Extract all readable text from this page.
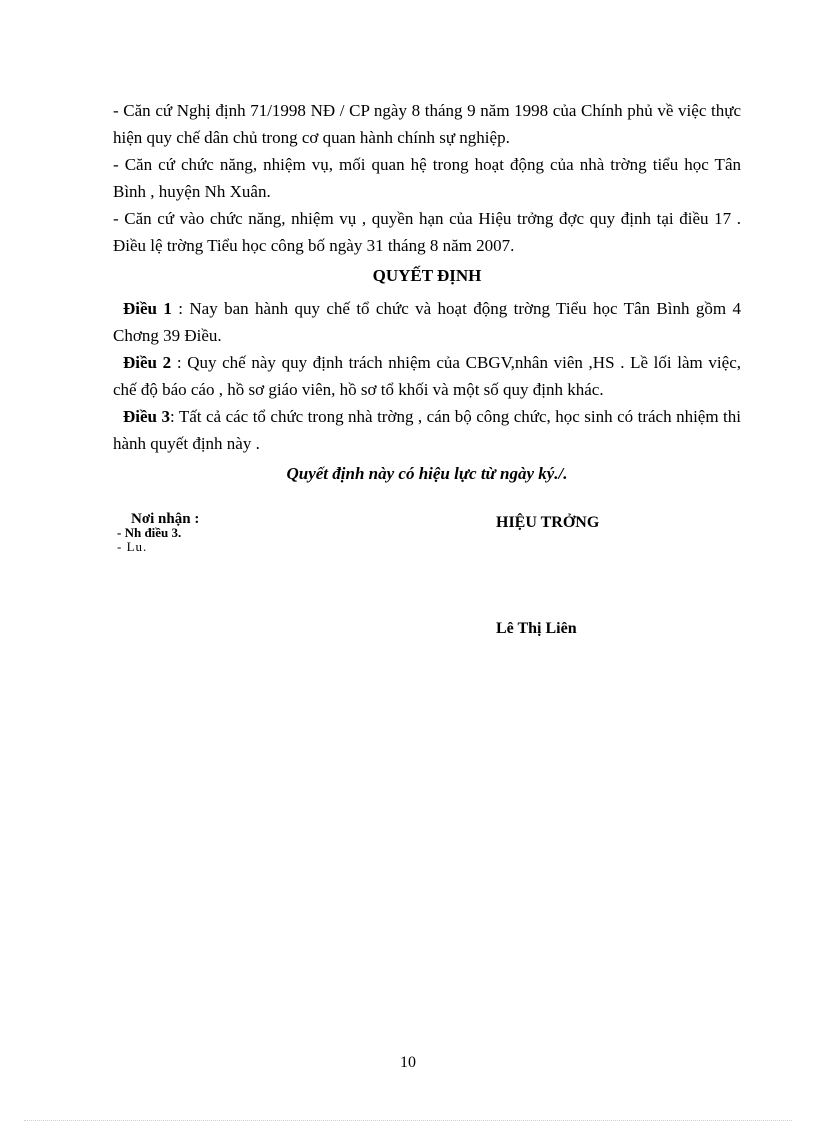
- Căn cứ Nghị định 71/1998 NĐ / CP ngày 8 tháng 9 năm 1998 của Chính phủ về việc thực hiện quy chế dân chủ trong cơ quan hành chính sự nghiệp.

- Căn cứ chức năng, nhiệm vụ, mối quan hệ trong hoạt động của nhà trờng tiểu học Tân Bình , huyện Nh Xuân.

- Căn cứ vào chức năng, nhiệm vụ , quyền hạn của Hiệu trởng đợc quy định tại điều 17 . Điều lệ trờng Tiểu học công bố ngày 31 tháng 8 năm 2007.

QUYẾT ĐỊNH

Điều 1 : Nay ban hành quy chế tổ chức và hoạt động trờng Tiểu học Tân Bình gồm 4 Chơng 39 Điều.

Điều 2 : Quy chế này quy định trách nhiệm của CBGV,nhân viên ,HS . Lề lối làm việc, chế độ báo cáo , hồ sơ giáo viên, hồ sơ tổ khối và một số quy định khác.

Điều 3: Tất cả các tổ chức trong nhà trờng , cán bộ công chức, học sinh có trách nhiệm thi hành quyết định này .

Quyết định này có hiệu lực từ ngày ký./.
Nơi nhận :
- Nh điều 3.
- Lu.
HIỆU TRỞNG
Lê Thị Liên
10
